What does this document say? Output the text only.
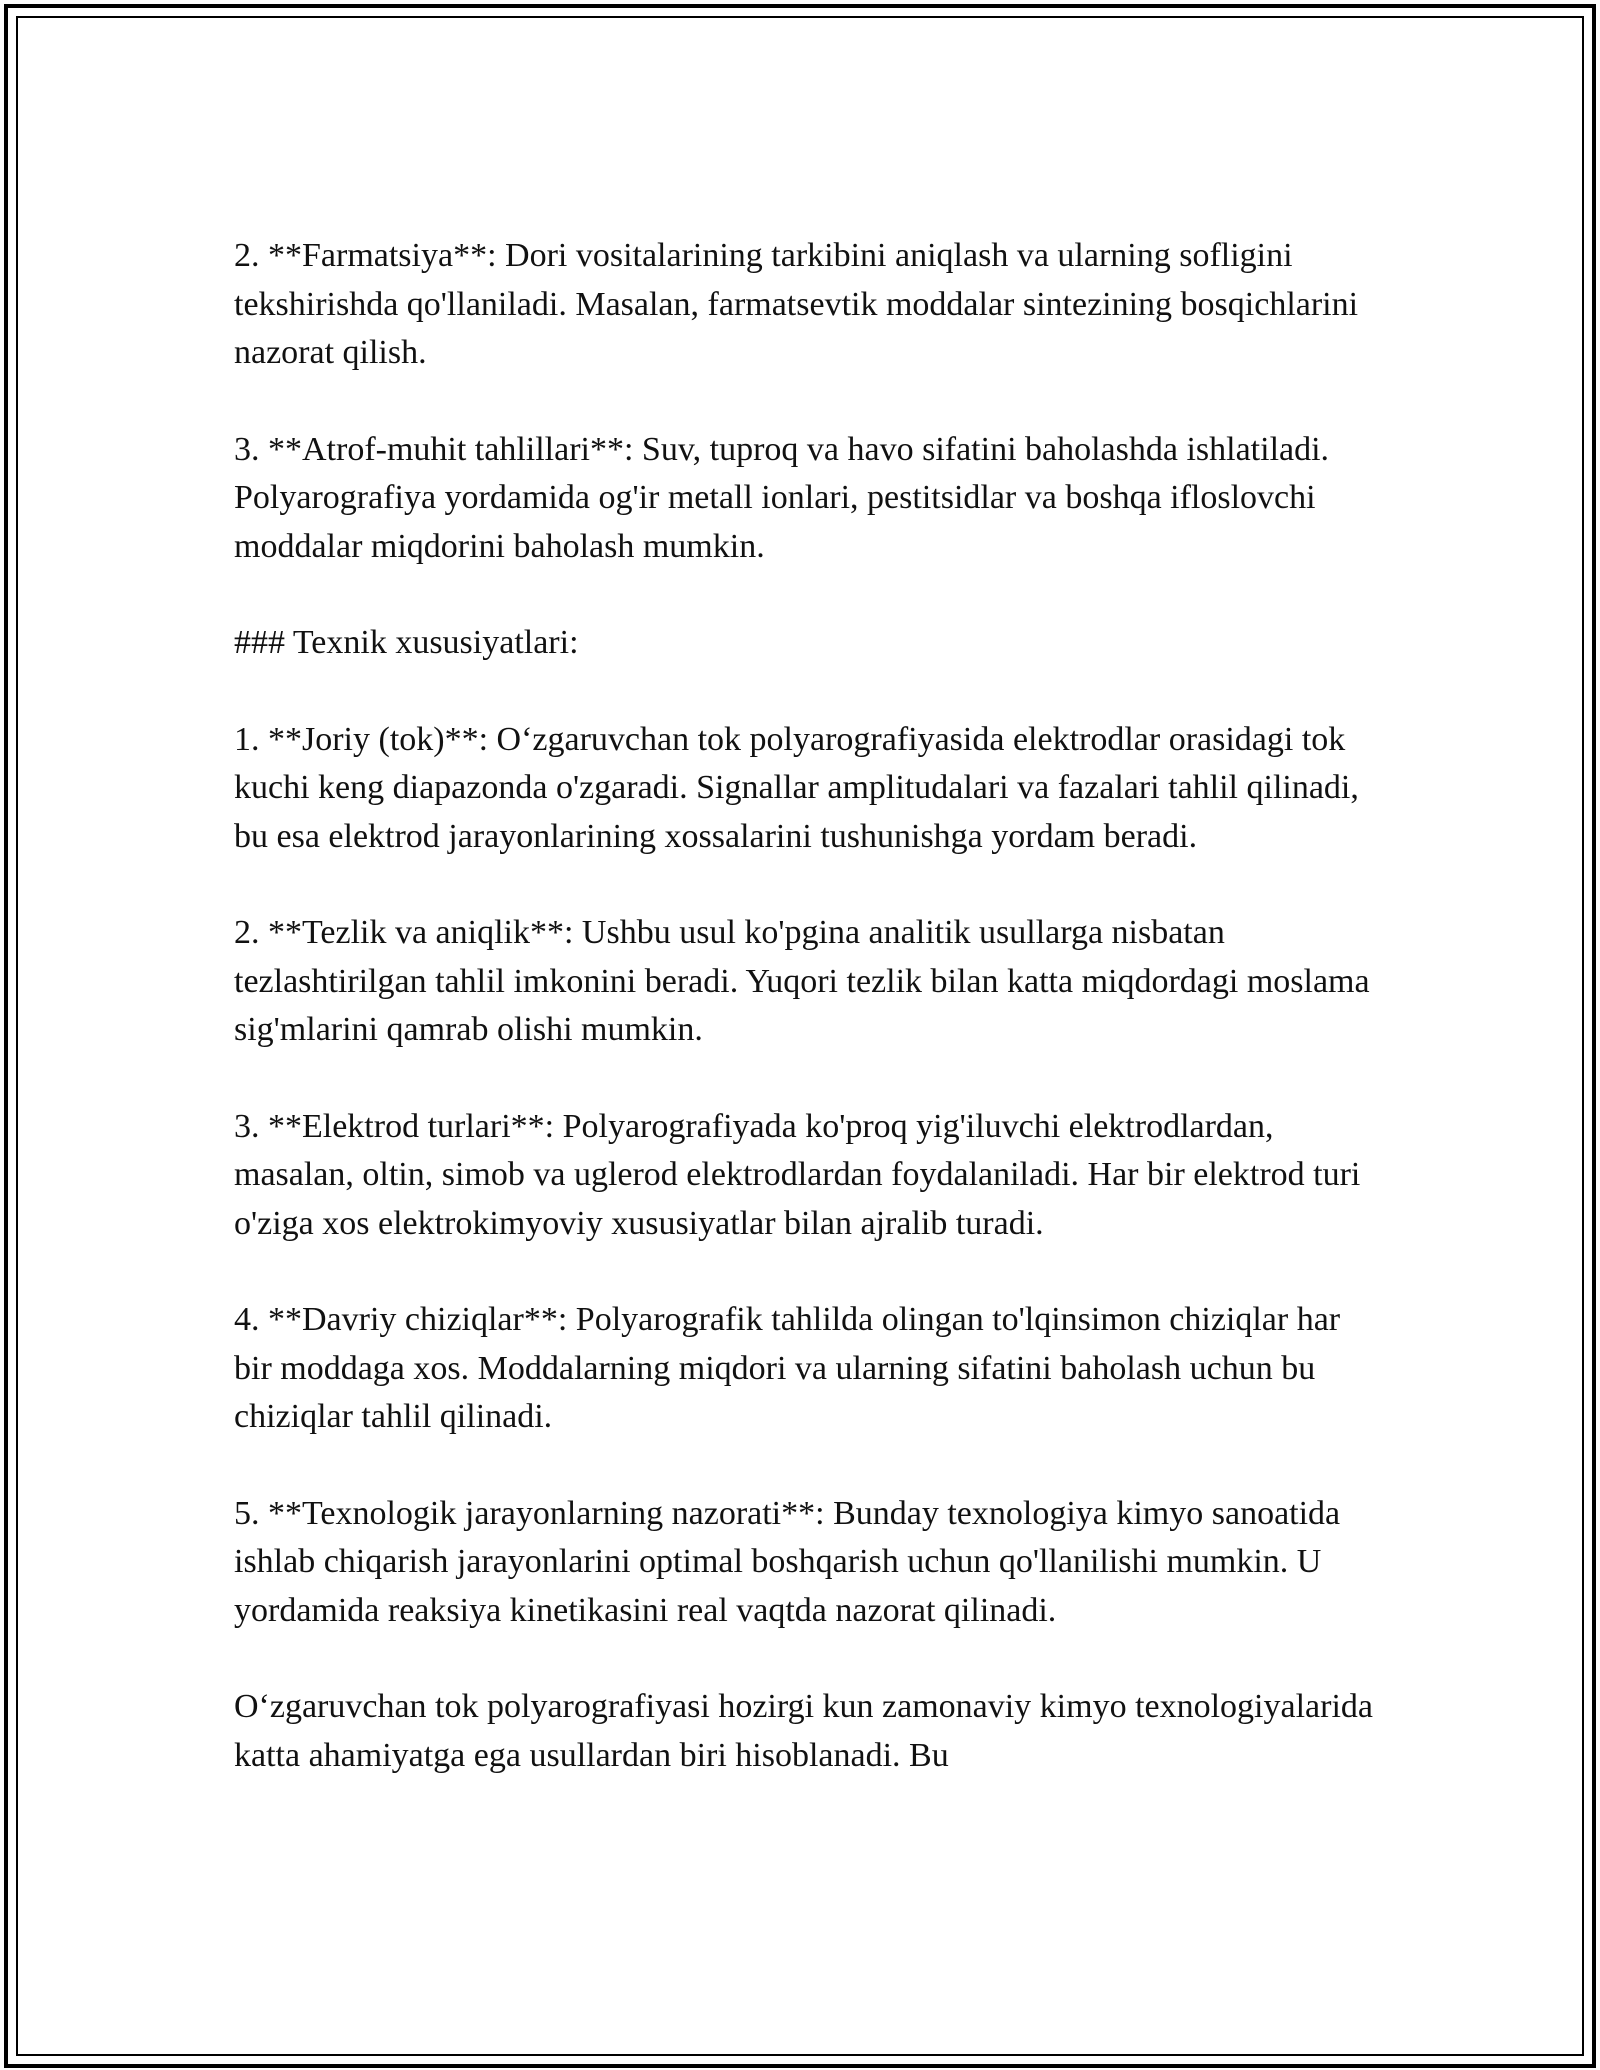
2. **Farmatsiya**: Dori vositalarining tarkibini aniqlash va ularning sofligini tekshirishda qo'llaniladi. Masalan, farmatsevtik moddalar sintezining bosqichlarini nazorat qilish.

3. **Atrof-muhit tahlillari**: Suv, tuproq va havo sifatini baholashda ishlatiladi. Polyarografiya yordamida og'ir metall ionlari, pestitsidlar va boshqa ifloslovchi moddalar miqdorini baholash mumkin.

### Texnik xususiyatlari:

1. **Joriy (tok)**: O‘zgaruvchan tok polyarografiyasida elektrodlar orasidagi tok kuchi keng diapazonda o'zgaradi. Signallar amplitudalari va fazalari tahlil qilinadi, bu esa elektrod jarayonlarining xossalarini tushunishga yordam beradi.

2. **Tezlik va aniqlik**: Ushbu usul ko'pgina analitik usullarga nisbatan tezlashtirilgan tahlil imkonini beradi. Yuqori tezlik bilan katta miqdordagi moslama sig'mlarini qamrab olishi mumkin.

3. **Elektrod turlari**: Polyarografiyada ko'proq yig'iluvchi elektrodlardan, masalan, oltin, simob va uglerod elektrodlardan foydalaniladi. Har bir elektrod turi o'ziga xos elektrokimyoviy xususiyatlar bilan ajralib turadi.

4. **Davriy chiziqlar**: Polyarografik tahlilda olingan to'lqinsimon chiziqlar har bir moddaga xos. Moddalarning miqdori va ularning sifatini baholash uchun bu chiziqlar tahlil qilinadi.

5. **Texnologik jarayonlarning nazorati**: Bunday texnologiya kimyo sanoatida ishlab chiqarish jarayonlarini optimal boshqarish uchun qo'llanilishi mumkin. U yordamida reaksiya kinetikasini real vaqtda nazorat qilinadi.

O‘zgaruvchan tok polyarografiyasi hozirgi kun zamonaviy kimyo texnologiyalarida katta ahamiyatga ega usullardan biri hisoblanadi. Bu
